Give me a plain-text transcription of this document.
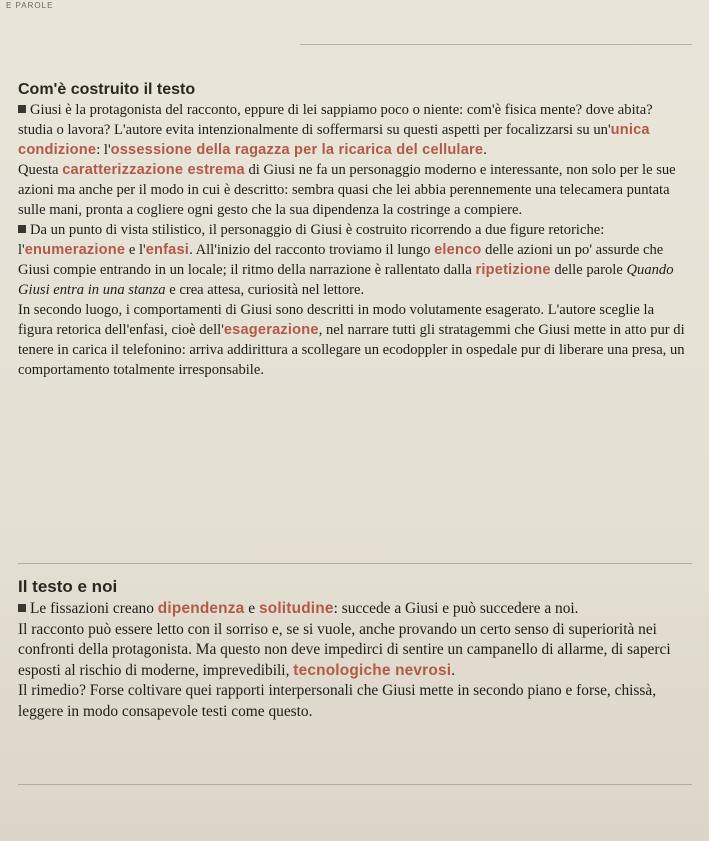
E PAROLE
Com'è costruito il testo

Giusi è la protagonista del racconto, eppure di lei sappiamo poco o niente: com'è fisica mente? dove abita? studia o lavora? L'autore evita intenzionalmente di soffermarsi su questi aspetti per focalizzarsi su un'unica condizione: l'ossessione della ragazza per la ricarica del cellulare.

Questa caratterizzazione estrema di Giusi ne fa un personaggio moderno e interessante, non solo per le sue azioni ma anche per il modo in cui è descritto: sembra quasi che lei abbia perennemente una telecamera puntata sulle mani, pronta a cogliere ogni gesto che la sua dipendenza la costringe a compiere.

Da un punto di vista stilistico, il personaggio di Giusi è costruito ricorrendo a due figure retoriche: l'enumerazione e l'enfasi. All'inizio del racconto troviamo il lungo elenco delle azioni un po' assurde che Giusi compie entrando in un locale; il ritmo della narrazione è rallentato dalla ripetizione delle parole Quando Giusi entra in una stanza e crea attesa, curiosità nel lettore.

In secondo luogo, i comportamenti di Giusi sono descritti in modo volutamente esagerato. L'autore sceglie la figura retorica dell'enfasi, cioè dell'esagerazione, nel narrare tutti gli stratagemmi che Giusi mette in atto pur di tenere in carica il telefonino: arriva addirittura a scollegare un ecodoppler in ospedale pur di liberare una presa, un comportamento totalmente irresponsabile.

Il testo e noi

Le fissazioni creano dipendenza e solitudine: succede a Giusi e può succedere a noi.

Il racconto può essere letto con il sorriso e, se si vuole, anche provando un certo senso di superiorità nei confronti della protagonista. Ma questo non deve impedirci di sentire un campanello di allarme, di saperci esposti al rischio di moderne, imprevedibili, tecnologiche nevrosi.

Il rimedio? Forse coltivare quei rapporti interpersonali che Giusi mette in secondo piano e forse, chissà, leggere in modo consapevole testi come questo.
